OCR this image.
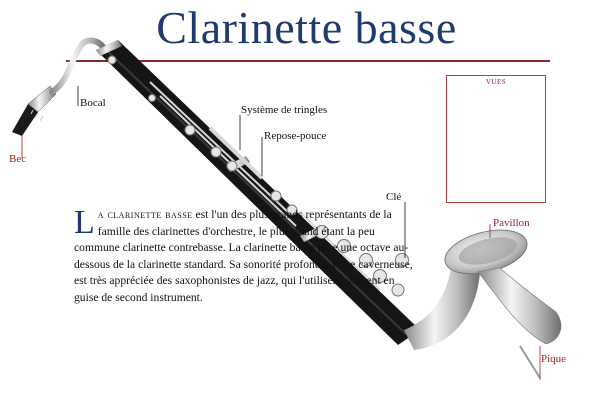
Clarinette basse
VUES
Bocal
Bec
Système de tringles
Repose-pouce
Clé
Pavillon
Pique
La clarinette basse est l'un des plus grands représentants de la famille des clarinettes d'orchestre, le plus grand étant la peu commune clarinette contrebasse. La clarinette basse joue une octave au-dessous de la clarinette standard. Sa sonorité profonde, voire caverneuse, est très appréciée des saxophonistes de jazz, qui l'utilisent souvent en guise de second instrument.
